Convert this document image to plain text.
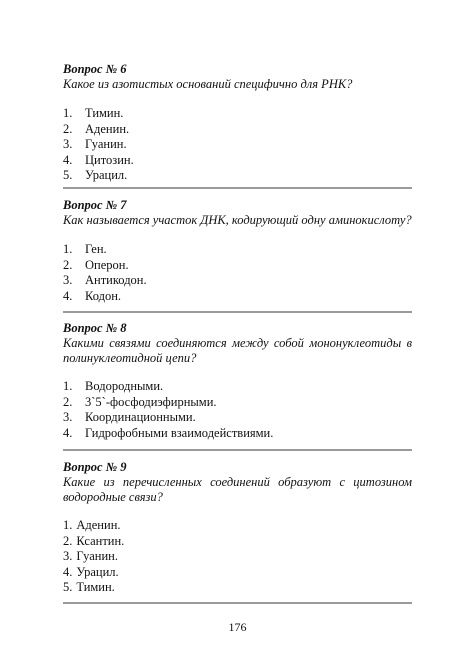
Вопрос № 6
Какое из азотистых оснований специфично для РНК?
1.	Тимин.
2.	Аденин.
3.	Гуанин.
4.	Цитозин.
5.	Урацил.
Вопрос № 7
Как называется участок ДНК, кодирующий одну аминокислоту?
1.	Ген.
2.	Оперон.
3.	Антикодон.
4.	Кодон.
Вопрос № 8
Какими связями соединяются между собой мононуклеотиды в полинуклеотидной цепи?
1.	Водородными.
2.	3`5`-фосфодиэфирными.
3.	Координационными.
4.	Гидрофобными взаимодействиями.
Вопрос № 9
Какие из перечисленных соединений образуют с цитозином водородные связи?
1. Аденин.
2. Ксантин.
3. Гуанин.
4. Урацил.
5. Тимин.
176
